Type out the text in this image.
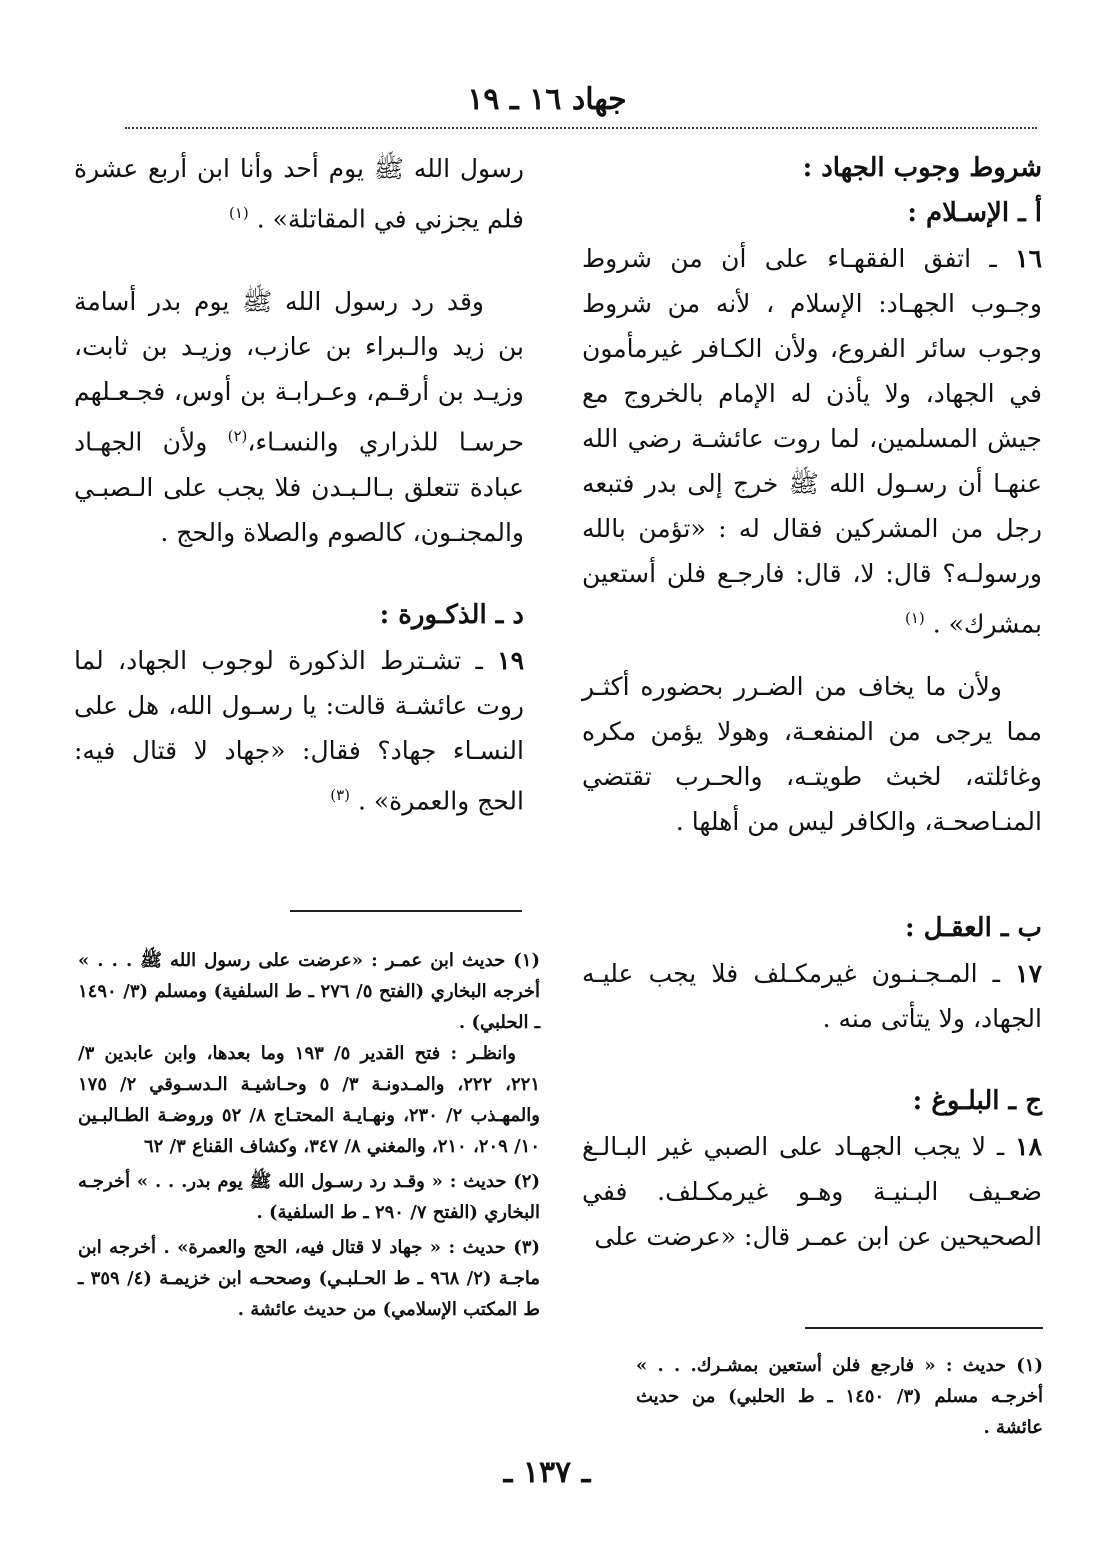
جهاد ١٦ ـ ١٩

شروط وجوب الجهاد :

أ ـ الإسـلام :

١٦ ـ اتفق الفقهـاء على أن من شروط وجـوب الجهـاد: الإسلام ، لأنه من شروط وجوب سائر الفروع، ولأن الكـافر غيرمأمون في الجهاد، ولا يأذن له الإمام بالخروج مع جيش المسلمين، لما روت عائشـة رضي الله عنهـا أن رسـول الله ﷺ خرج إلى بدر فتبعه رجل من المشركين فقال له : «تؤمن بالله ورسولـه؟ قال: لا، قال: فارجـع فلن أستعين بمشرك» . $^{(١)}$

ولأن ما يخاف من الضـرر بحضوره أكثـر مما يرجى من المنفعـة، وهولا يؤمن مكره وغائلته، لخبث طويتـه، والحـرب تقتضي المنـاصحـة، والكافر ليس من أهلها .

ب ـ العقـل :

١٧ ـ المـجـنـون غيرمكـلف فلا يجب عليـه الجهاد، ولا يتأتى منه .

ج ـ البلـوغ :

١٨ ـ لا يجب الجهـاد على الصبي غير البـالـغ ضعـيف البـنيـة وهـو غيرمكـلف. ففي الصحيحين عن ابن عمـر قال: «عرضت على

رسول الله ﷺ يوم أحد وأنا ابن أربع عشرة فلم يجزني في المقاتلة» . $^{(١)}$

وقد رد رسول الله ﷺ يوم بدر أسامة بن زيد والـبراء بن عازب، وزيـد بن ثابت، وزيـد بن أرقـم، وعـرابـة بن أوس، فجـعـلهم حرسـا للذراري والنسـاء،$^{(٢)}$ ولأن الجهـاد عبادة تتعلق بـالـبـدن فلا يجب على الـصبـي والمجنـون، كالصوم والصلاة والحج .

د ـ الذكـورة :

١٩ ـ تشـترط الذكورة لوجوب الجهاد، لما روت عائشـة قالت: يا رسـول الله، هل على النسـاء جهاد؟ فقال: «جهاد لا قتال فيه: الحج والعمرة» . $^{(٣)}$

(١) حديث ابن عمـر : «عرضت على رسول الله ﷺ . . . » أخرجه البخاري (الفتح ٥/ ٢٧٦ ـ ط السلفية) ومسلم (٣/ ١٤٩٠ ـ الحلبي) .

وانظـر : فتح القدير ٥/ ١٩٣ وما بعدها، وابن عابدين ٣/ ٢٢١، ٢٢٢، والمـدونـة ٣/ ٥ وحـاشيـة الـدسـوقي ٢/ ١٧٥ والمهـذب ٢/ ٢٣٠، ونهـايـة المحتـاج ٨/ ٥٢ وروضـة الطـالبـين ١٠/ ٢٠٩، ٢١٠، والمغني ٨/ ٣٤٧، وكشاف القناع ٣/ ٦٢

(٢) حديث : « وقـد رد رسـول الله ﷺ يوم بدر. . . » أخرجـه البخاري (الفتح ٧/ ٢٩٠ ـ ط السلفية) .

(٣) حديث : « جهاد لا قتال فيه، الحج والعمرة» . أخرجه ابن ماجـة (٢/ ٩٦٨ ـ ط الحـلبـي) وصححـه ابن خزيمـة (٤/ ٣٥٩ ـ ط المكتب الإسلامي) من حديث عائشة .

(١) حديث : « فارجع فلن أستعين بمشـرك. . . » أخرجـه مسلم (٣/ ١٤٥٠ ـ ط الحلبي) من حديث عائشة .

ـ ١٣٧ ـ
